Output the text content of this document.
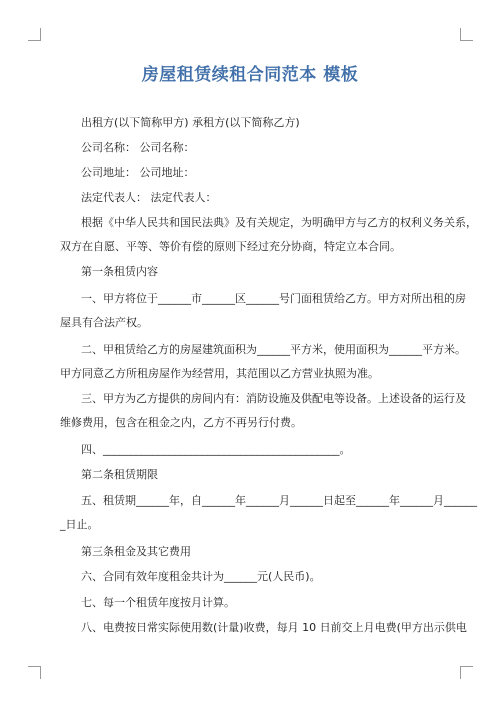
房屋租赁续租合同范本 模板
出租方(以下简称甲方) 承租方(以下简称乙方)
公司名称： 公司名称：
公司地址： 公司地址：
法定代表人： 法定代表人：
根据《中华人民共和国民法典》及有关规定，为明确甲方与乙方的权利义务关系，
双方在自愿、平等、等价有偿的原则下经过充分协商，特定立本合同。
第一条租赁内容
一、甲方将位于______市______区______号门面租赁给乙方。甲方对所出租的房
屋具有合法产权。
二、甲租赁给乙方的房屋建筑面积为______平方米，使用面积为______平方米。
甲方同意乙方所租房屋作为经营用，其范围以乙方营业执照为准。
三、甲方为乙方提供的房间内有：消防设施及供配电等设备。上述设备的运行及
维修费用，包含在租金之内，乙方不再另行付费。
四、___________________________________________。
第二条租赁期限
五、租赁期______年，自______年______月______日起至______年______月______
_日止。
第三条租金及其它费用
六、合同有效年度租金共计为______元(人民币)。
七、每一个租赁年度按月计算。
八、电费按日常实际使用数(计量)收费，每月 10 日前交上月电费(甲方出示供电
